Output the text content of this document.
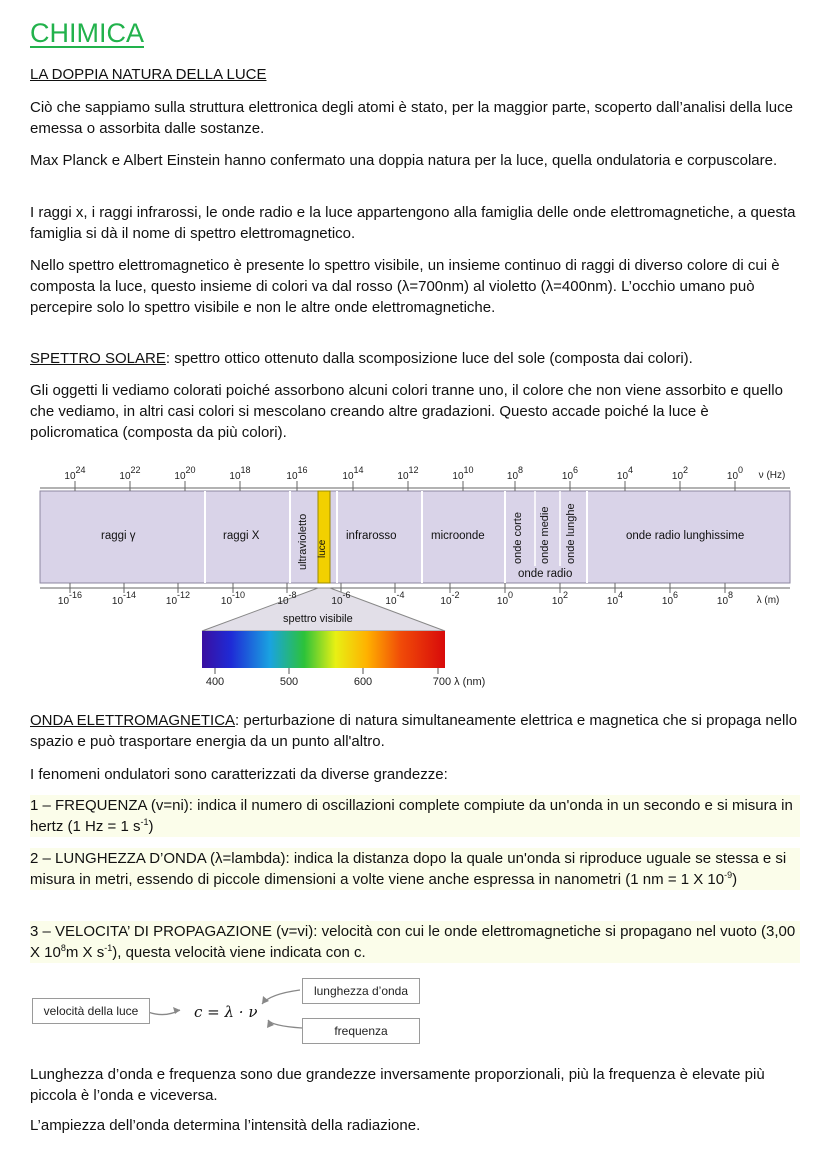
CHIMICA

LA DOPPIA NATURA DELLA LUCE

Ciò che sappiamo sulla struttura elettronica degli atomi è stato, per la maggior parte, scoperto dall’analisi della luce emessa o assorbita dalle sostanze.

Max Planck e Albert Einstein hanno confermato una doppia natura per la luce, quella ondulatoria e corpuscolare.

I raggi x, i raggi infrarossi, le onde radio e la luce appartengono alla famiglia delle onde elettromagnetiche, a questa famiglia si dà il nome di spettro elettromagnetico.

Nello spettro elettromagnetico è presente lo spettro visibile, un insieme continuo di raggi di diverso colore di cui è composta la luce, questo insieme di colori va dal rosso (λ=700nm) al violetto (λ=400nm). L’occhio umano può percepire solo lo spettro visibile e non le altre onde elettromagnetiche.

SPETTRO SOLARE: spettro ottico ottenuto dalla scomposizione luce del sole (composta dai colori).

Gli oggetti li vediamo colorati poiché assorbono alcuni colori tranne uno, il colore che non viene assorbito e quello che vediamo, in altri casi colori si mescolano creando altre gradazioni. Questo accade poiché la luce è policromatica (composta da più colori).

$10^{24}$
$10^{22}$
$10^{20}$
$10^{18}$
$10^{16}$
$10^{14}$
$10^{12}$
$10^{10}$
$10^8$
$10^6$
$10^4$
$10^2$
$10^0$ ν (Hz)
$10^{-16}$
$10^{-14}$
$10^{-12}$
$10^{-10}$
$10^{-8}$
$10^{-6}$
$10^{-4}$
$10^{-2}$
$10^0$
$10^2$
$10^4$
$10^6$
$10^8$ λ (m)
raggi γ	raggi X	ultravioletto luce
infrarosso	microonde onde corte onde medie onde lunghe
onde radio
onde radio lunghissime
spettro visibile
400	500	600	700 λ (nm)

ONDA ELETTROMAGNETICA: perturbazione di natura simultaneamente elettrica e magnetica che si propaga nello spazio e può trasportare energia da un punto all'altro.

I fenomeni ondulatori sono caratterizzati da diverse grandezze:

1 – FREQUENZA (v=ni): indica il numero di oscillazioni complete compiute da un'onda in un secondo e si misura in hertz (1 Hz = 1 $s^{-1}$)

2 – LUNGHEZZA D’ONDA (λ=lambda): indica la distanza dopo la quale un'onda si riproduce uguale se stessa e si misura in metri, essendo di piccole dimensioni a volte viene anche espressa in nanometri (1 nm = 1 X $10^{-9}$)

3 – VELOCITA’ DI PROPAGAZIONE (v=vi): velocità con cui le onde elettromagnetiche si propagano nel vuoto (3,00 X $10^8m$ X $s^{-1}$), questa velocità viene indicata con c.

velocità della luce	c = λ · ν
lunghezza d’onda
frequenza

Lunghezza d’onda e frequenza sono due grandezze inversamente proporzionali, più la frequenza è elevate più piccola è l’onda e viceversa.

L’ampiezza dell’onda determina l’intensità della radiazione.
